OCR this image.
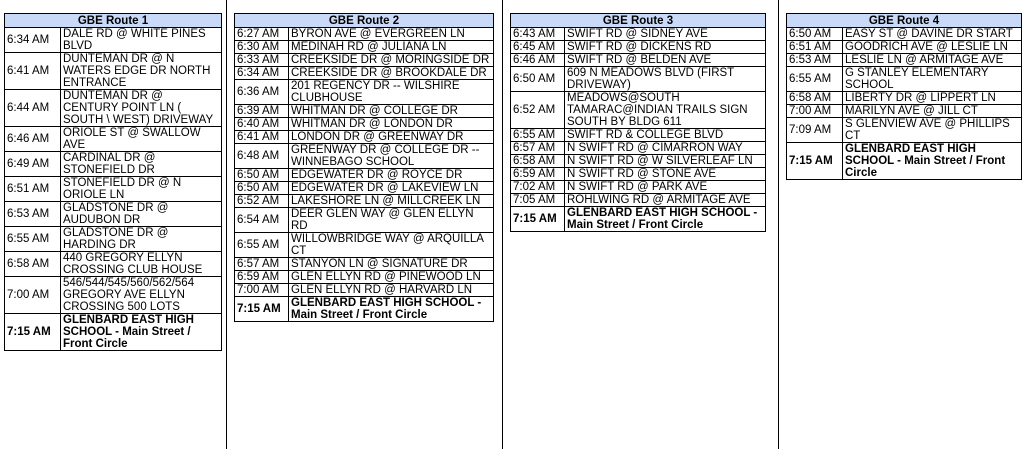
GBE Route 1	
6:34 AM	DALE RD @ WHITE PINES BLVD
6:41 AM	DUNTEMAN DR @ N WATERS EDGE DR NORTH ENTRANCE
6:44 AM	DUNTEMAN DR @ CENTURY POINT LN ( SOUTH \ WEST) DRIVEWAY
6:46 AM	ORIOLE ST @ SWALLOW AVE
6:49 AM	CARDINAL DR @ STONEFIELD DR
6:51 AM	STONEFIELD DR @ N ORIOLE LN
6:53 AM	GLADSTONE DR @ AUDUBON DR
6:55 AM	GLADSTONE DR @ HARDING DR
6:58 AM	440 GREGORY ELLYN CROSSING CLUB HOUSE
7:00 AM	546/544/545/560/562/564 GREGORY AVE ELLYN CROSSING 500 LOTS
7:15 AM	GLENBARD EAST HIGH SCHOOL - Main Street / Front Circle
GBE Route 2	
6:27 AM	BYRON AVE @ EVERGREEN LN
6:30 AM	MEDINAH RD @ JULIANA LN
6:33 AM	CREEKSIDE DR @ MORINGSIDE DR
6:34 AM	CREEKSIDE DR @ BROOKDALE DR
6:36 AM	201 REGENCY DR -- WILSHIRE CLUBHOUSE
6:39 AM	WHITMAN DR @ COLLEGE DR
6:40 AM	WHITMAN DR @ LONDON DR
6:41 AM	LONDON DR @ GREENWAY DR
6:48 AM	GREENWAY DR @ COLLEGE DR -- WINNEBAGO SCHOOL
6:50 AM	EDGEWATER DR @ ROYCE DR
6:50 AM	EDGEWATER DR @ LAKEVIEW LN
6:52 AM	LAKESHORE LN @ MILLCREEK LN
6:54 AM	DEER GLEN WAY @ GLEN ELLYN RD
6:55 AM	WILLOWBRIDGE WAY @ ARQUILLA CT
6:57 AM	STANYON LN @ SIGNATURE DR
6:59 AM	GLEN ELLYN RD @ PINEWOOD LN
7:00 AM	GLEN ELLYN RD @ HARVARD LN
7:15 AM	GLENBARD EAST HIGH SCHOOL - Main Street / Front Circle
GBE Route 3	
6:43 AM	SWIFT RD @ SIDNEY AVE
6:45 AM	SWIFT RD @ DICKENS RD
6:46 AM	SWIFT RD @ BELDEN AVE
6:50 AM	609 N MEADOWS BLVD (FIRST DRIVEWAY)
6:52 AM	MEADOWS@SOUTH TAMARAC@INDIAN TRAILS SIGN SOUTH BY BLDG 611
6:55 AM	SWIFT RD & COLLEGE BLVD
6:57 AM	N SWIFT RD @ CIMARRON WAY
6:58 AM	N SWIFT RD @ W SILVERLEAF LN
6:59 AM	N SWIFT RD @ STONE AVE
7:02 AM	N SWIFT RD @ PARK AVE
7:05 AM	ROHLWING RD @ ARMITAGE AVE
7:15 AM	GLENBARD EAST HIGH SCHOOL - Main Street / Front Circle
GBE Route 4	
6:50 AM	EASY ST @ DAVINE DR START
6:51 AM	GOODRICH AVE @ LESLIE LN
6:53 AM	LESLIE LN @ ARMITAGE AVE
6:55 AM	G STANLEY ELEMENTARY SCHOOL
6:58 AM	LIBERTY DR @ LIPPERT LN
7:00 AM	MARILYN AVE @ JILL CT
7:09 AM	S GLENVIEW AVE @ PHILLIPS CT
7:15 AM	GLENBARD EAST HIGH SCHOOL - Main Street / Front Circle
